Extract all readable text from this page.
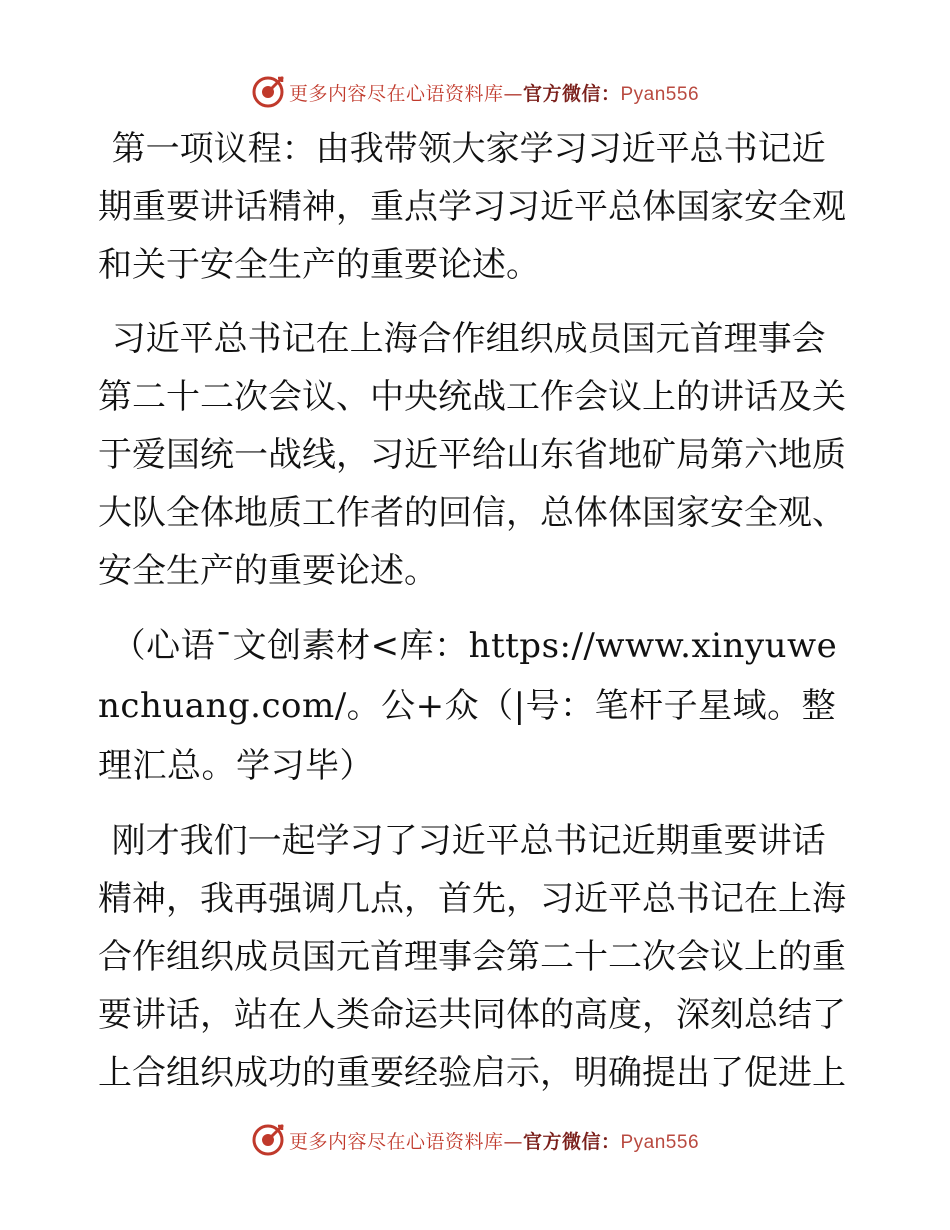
更多内容尽在心语资料库—官方微信：Pyan556

第一项议程：由我带领大家学习习近平总书记近期重要讲话精神，重点学习习近平总体国家安全观和关于安全生产的重要论述。

习近平总书记在上海合作组织成员国元首理事会第二十二次会议、中央统战工作会议上的讲话及关于爱国统一战线，习近平给山东省地矿局第六地质大队全体地质工作者的回信，总体体国家安全观、安全生产的重要论述。

（心语¯文创素材<库：https://www.xinyuwenchuang.com/。公+众（|号：笔杆子星域。整理汇总。学习毕）

刚才我们一起学习了习近平总书记近期重要讲话精神，我再强调几点，首先，习近平总书记在上海合作组织成员国元首理事会第二十二次会议上的重要讲话，站在人类命运共同体的高度，深刻总结了上合组织成功的重要经验启示，明确提出了促进上

更多内容尽在心语资料库—官方微信：Pyan556
